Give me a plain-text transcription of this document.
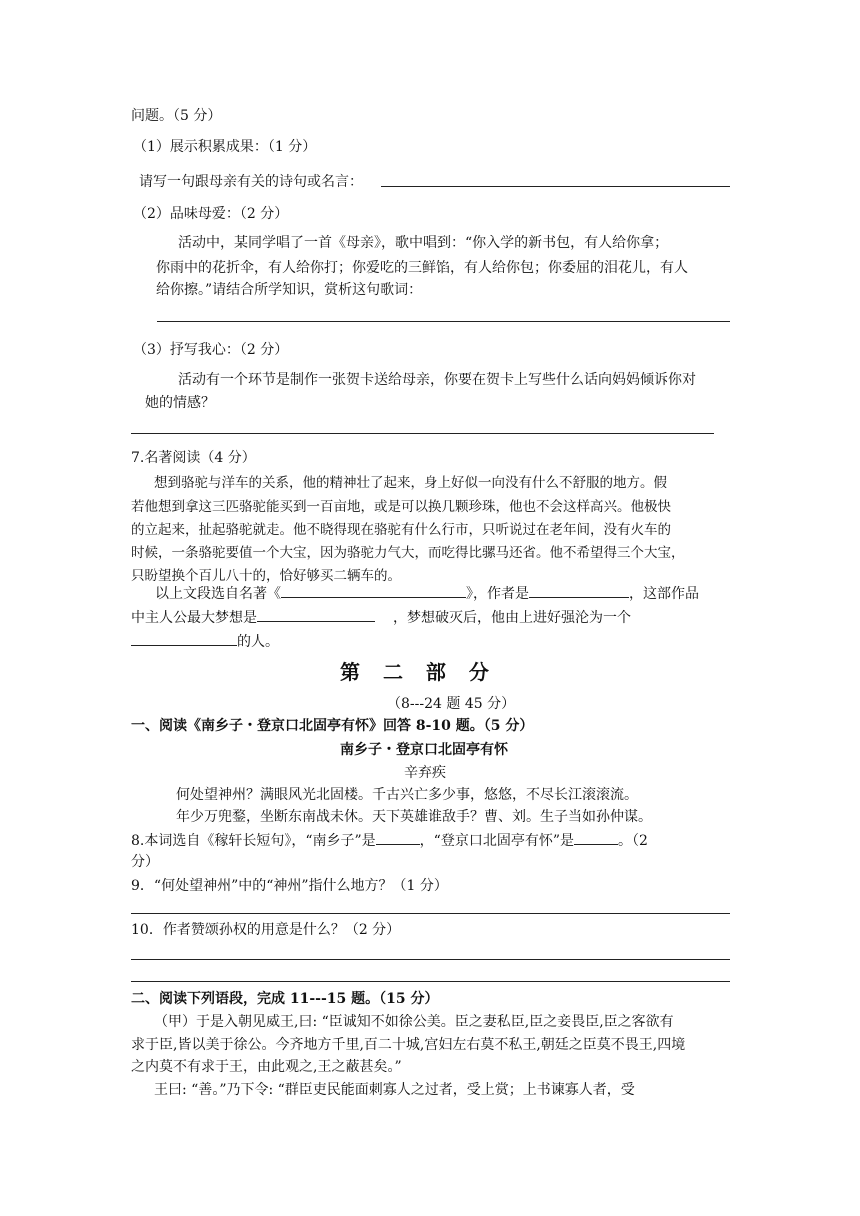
问题。（5 分）
（1）展示积累成果：（1 分）
请写一句跟母亲有关的诗句或名言：
（2）品味母爱：（2 分）
活动中，某同学唱了一首《母亲》，歌中唱到：“你入学的新书包，有人给你拿；
你雨中的花折伞，有人给你打；你爱吃的三鲜馅，有人给你包；你委屈的泪花儿，有人
给你擦。”请结合所学知识，赏析这句歌词：
（3）抒写我心：（2 分）
活动有一个环节是制作一张贺卡送给母亲，你要在贺卡上写些什么话向妈妈倾诉你对
她的情感？
7.名著阅读（4 分）
想到骆驼与洋车的关系，他的精神壮了起来，身上好似一向没有什么不舒服的地方。假
若他想到拿这三匹骆驼能买到一百亩地，或是可以换几颗珍珠，他也不会这样高兴。他极快
的立起来，扯起骆驼就走。他不晓得现在骆驼有什么行市，只听说过在老年间，没有火车的
时候，一条骆驼要值一个大宝，因为骆驼力气大，而吃得比骡马还省。他不希望得三个大宝，
只盼望换个百儿八十的，恰好够买二辆车的。
以上文段选自名著《	》，作者是	，这部作品
中主人公最大梦想是	，梦想破灭后，他由上进好强沦为一个
的人。
第 二 部 分
（8---24 题 45 分）
一、阅读《南乡子・登京口北固亭有怀》回答 8-10 题。（5 分）
南乡子・登京口北固亭有怀
辛弃疾
何处望神州？满眼风光北固楼。千古兴亡多少事，悠悠，不尽长江滚滚流。
年少万兜鍪，坐断东南战未休。天下英雄谁敌手？曹、刘。生子当如孙仲谋。
8.本词选自《稼轩长短句》，“南乡子”是	，“登京口北固亭有怀”是	。（2
分）
9．“何处望神州”中的“神州”指什么地方？（1 分）
10．作者赞颂孙权的用意是什么？（2 分）
二、阅读下列语段，完成 11---15 题。（15 分）
（甲）于是入朝见威王,曰: “臣诚知不如徐公美。臣之妻私臣,臣之妾畏臣,臣之客欲有
求于臣,皆以美于徐公。今齐地方千里,百二十城,宫妇左右莫不私王,朝廷之臣莫不畏王,四境
之内莫不有求于王，由此观之,王之蔽甚矣。”
王曰: “善。”乃下令: “群臣吏民能面刺寡人之过者，受上赏；上书谏寡人者，受
